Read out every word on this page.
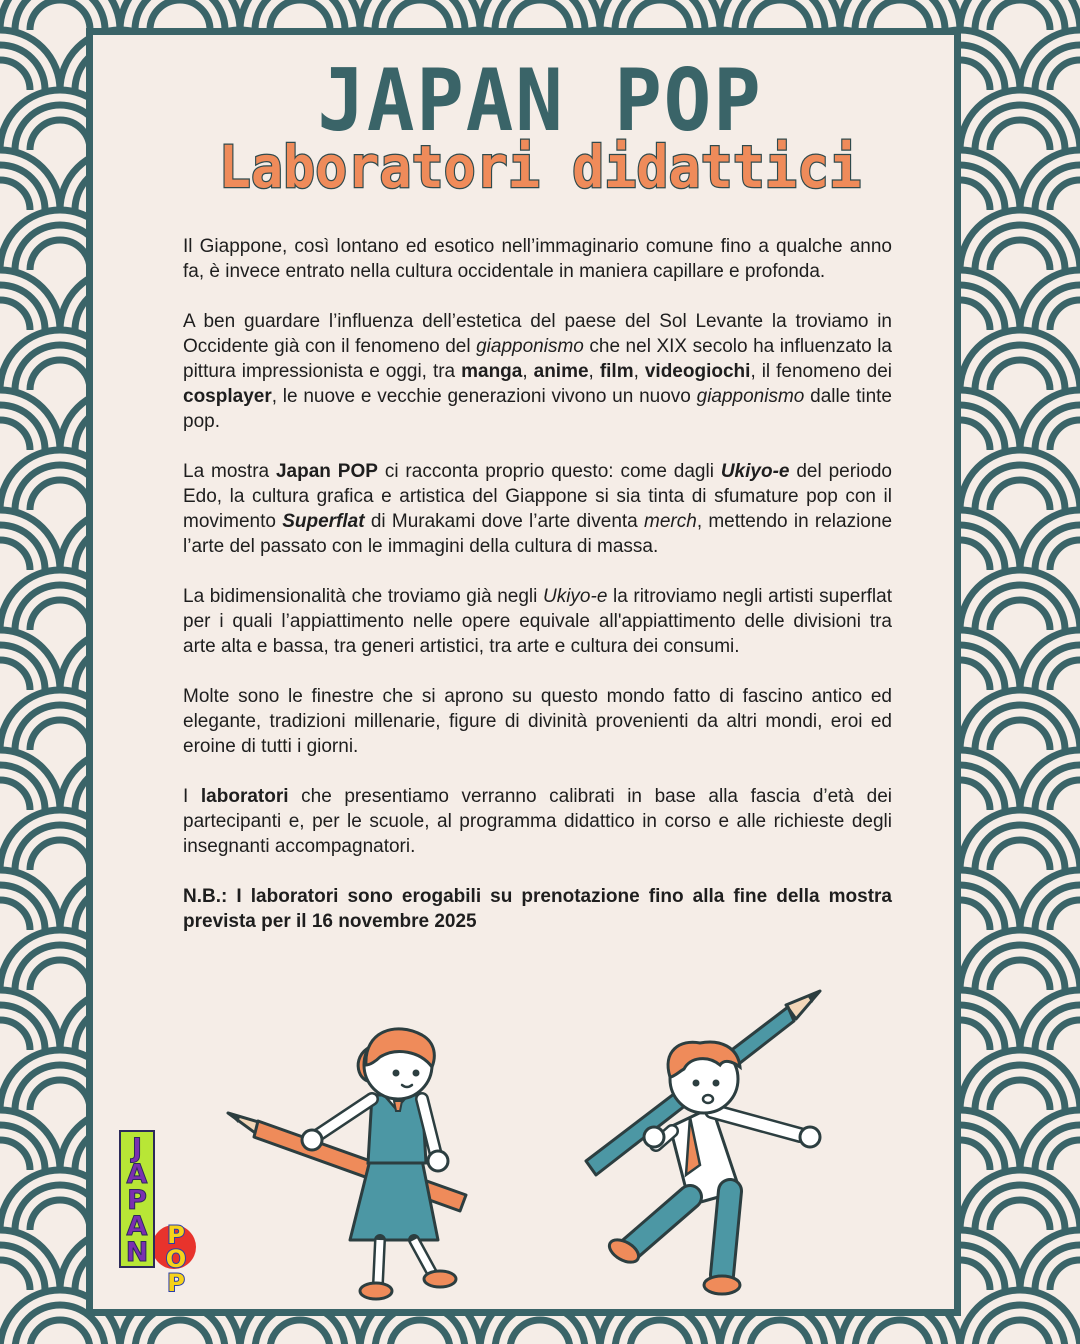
JAPAN POP
Laboratori didattici

Il Giappone, così lontano ed esotico nell’immaginario comune fino a qualche anno fa, è invece entrato nella cultura occidentale in maniera capillare e profonda.

A ben guardare l’influenza dell’estetica del paese del Sol Levante la troviamo in Occidente già con il fenomeno del giapponismo che nel XIX secolo ha influenzato la pittura impressionista e oggi, tra manga, anime, film, videogiochi, il fenomeno dei cosplayer, le nuove e vecchie generazioni vivono un nuovo giapponismo dalle tinte pop.

La mostra Japan POP ci racconta proprio questo: come dagli Ukiyo-e del periodo Edo, la cultura grafica e artistica del Giappone si sia tinta di sfumature pop con il movimento Superflat di Murakami dove l’arte diventa merch, mettendo in relazione l’arte del passato con le immagini della cultura di massa.

La bidimensionalità che troviamo già negli Ukiyo-e la ritroviamo negli artisti superflat per i quali l’appiattimento nelle opere equivale all'appiattimento delle divisioni tra arte alta e bassa, tra generi artistici, tra arte e cultura dei consumi.

Molte sono le finestre che si aprono su questo mondo fatto di fascino antico ed elegante, tradizioni millenarie, figure di divinità provenienti da altri mondi, eroi ed eroine di tutti i giorni.

I laboratori che presentiamo verranno calibrati in base alla fascia d’età dei partecipanti e, per le scuole, al programma didattico in corso e alle richieste degli insegnanti accompagnatori.

N.B.: I laboratori sono erogabili su prenotazione fino alla fine della mostra prevista per il 16 novembre 2025

J
A
P
A
N
P
O
P
